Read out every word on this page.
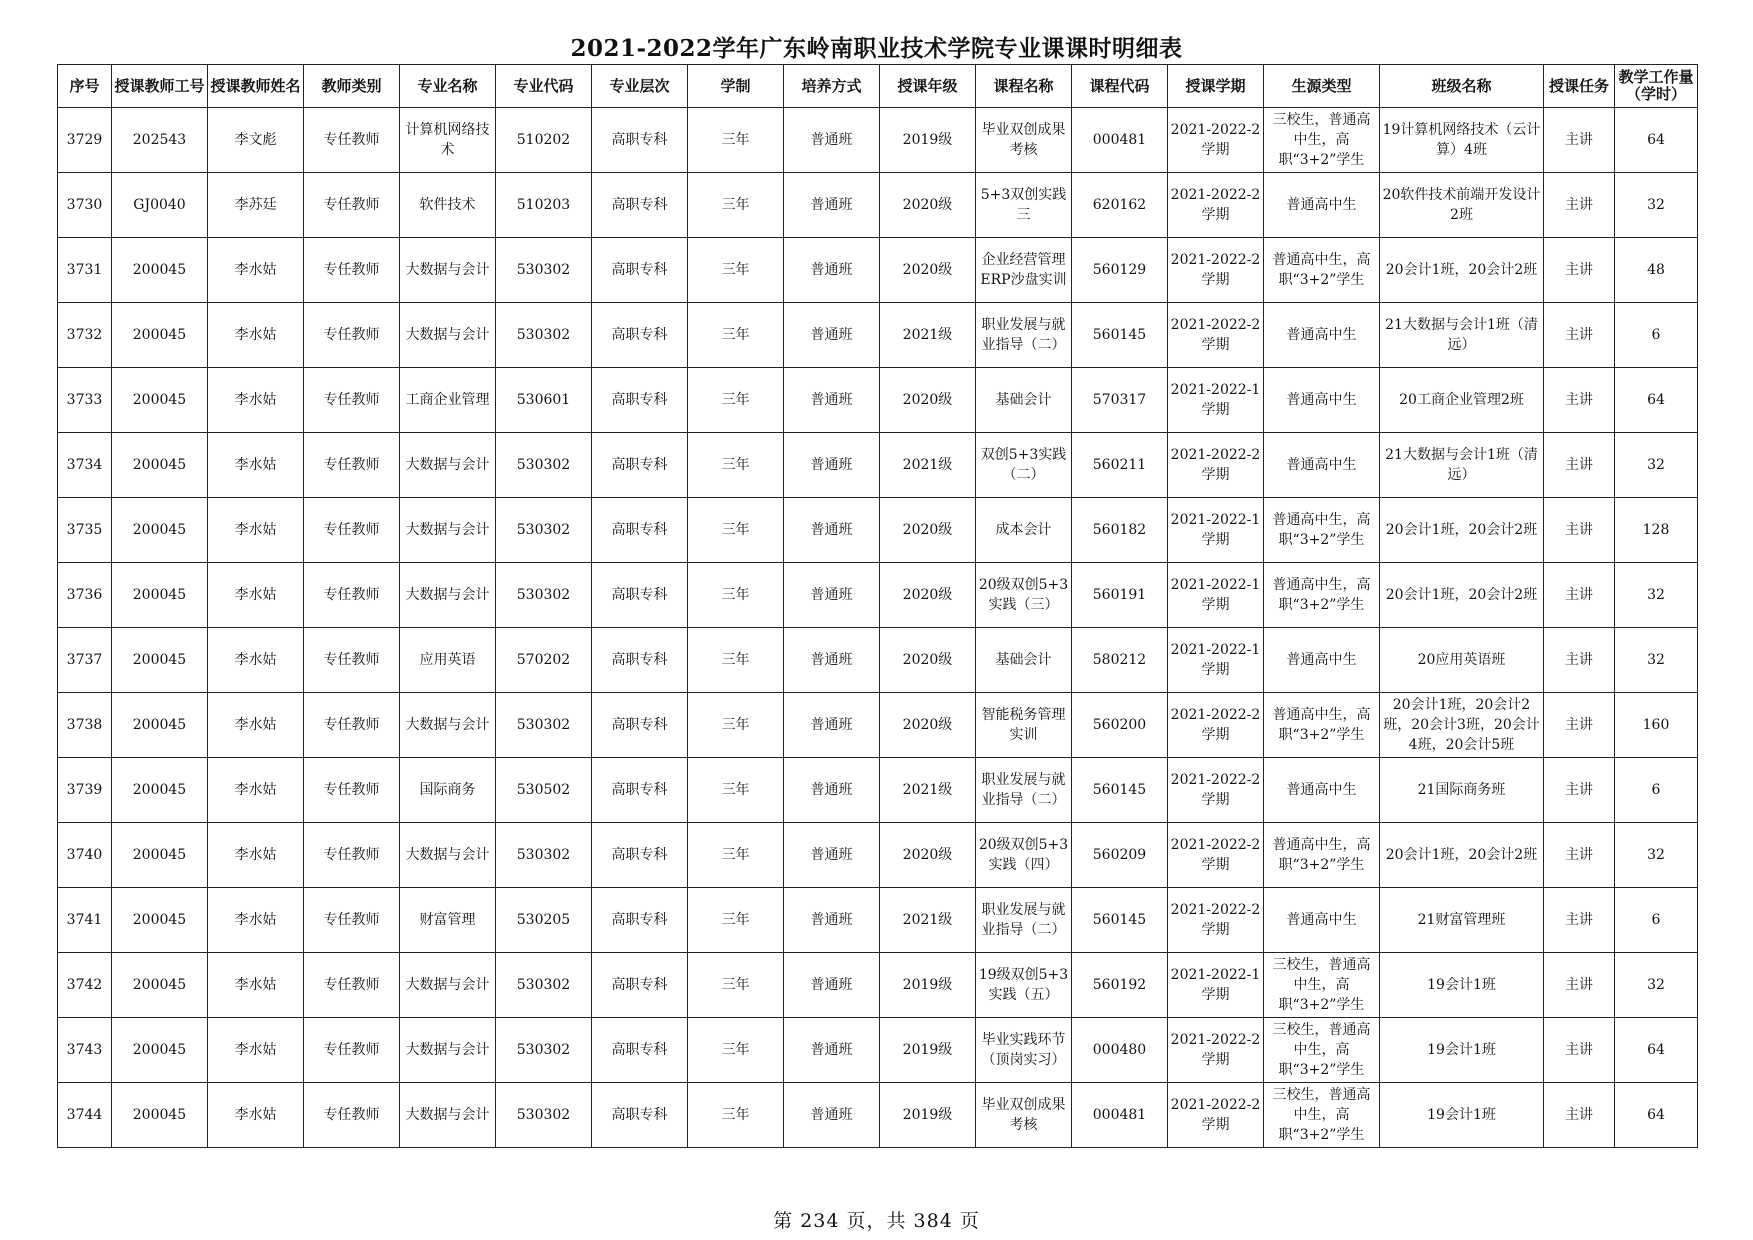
2021-2022学年广东岭南职业技术学院专业课课时明细表
序号	授课教师工号	授课教师姓名	教师类别	专业名称	专业代码	专业层次	学制	培养方式	授课年级	课程名称	课程代码	授课学期	生源类型	班级名称	授课任务	教学工作量（学时）
3729	202543	李文彪	专任教师	计算机网络技术	510202	高职专科	三年	普通班	2019级	毕业双创成果考核	000481	2021-2022-2学期	三校生，普通高中生，高职“3+2”学生	19计算机网络技术（云计算）4班	主讲	64
3730	GJ0040	李苏廷	专任教师	软件技术	510203	高职专科	三年	普通班	2020级	5+3双创实践三	620162	2021-2022-2学期	普通高中生	20软件技术前端开发设计2班	主讲	32
3731	200045	李水姑	专任教师	大数据与会计	530302	高职专科	三年	普通班	2020级	企业经营管理ERP沙盘实训	560129	2021-2022-2学期	普通高中生，高职“3+2”学生	20会计1班，20会计2班	主讲	48
3732	200045	李水姑	专任教师	大数据与会计	530302	高职专科	三年	普通班	2021级	职业发展与就业指导（二）	560145	2021-2022-2学期	普通高中生	21大数据与会计1班（清远）	主讲	6
3733	200045	李水姑	专任教师	工商企业管理	530601	高职专科	三年	普通班	2020级	基础会计	570317	2021-2022-1学期	普通高中生	20工商企业管理2班	主讲	64
3734	200045	李水姑	专任教师	大数据与会计	530302	高职专科	三年	普通班	2021级	双创5+3实践（二）	560211	2021-2022-2学期	普通高中生	21大数据与会计1班（清远）	主讲	32
3735	200045	李水姑	专任教师	大数据与会计	530302	高职专科	三年	普通班	2020级	成本会计	560182	2021-2022-1学期	普通高中生，高职“3+2”学生	20会计1班，20会计2班	主讲	128
3736	200045	李水姑	专任教师	大数据与会计	530302	高职专科	三年	普通班	2020级	20级双创5+3实践（三）	560191	2021-2022-1学期	普通高中生，高职“3+2”学生	20会计1班，20会计2班	主讲	32
3737	200045	李水姑	专任教师	应用英语	570202	高职专科	三年	普通班	2020级	基础会计	580212	2021-2022-1学期	普通高中生	20应用英语班	主讲	32
3738	200045	李水姑	专任教师	大数据与会计	530302	高职专科	三年	普通班	2020级	智能税务管理实训	560200	2021-2022-2学期	普通高中生，高职“3+2”学生	20会计1班，20会计2班，20会计3班，20会计4班，20会计5班	主讲	160
3739	200045	李水姑	专任教师	国际商务	530502	高职专科	三年	普通班	2021级	职业发展与就业指导（二）	560145	2021-2022-2学期	普通高中生	21国际商务班	主讲	6
3740	200045	李水姑	专任教师	大数据与会计	530302	高职专科	三年	普通班	2020级	20级双创5+3实践（四）	560209	2021-2022-2学期	普通高中生，高职“3+2”学生	20会计1班，20会计2班	主讲	32
3741	200045	李水姑	专任教师	财富管理	530205	高职专科	三年	普通班	2021级	职业发展与就业指导（二）	560145	2021-2022-2学期	普通高中生	21财富管理班	主讲	6
3742	200045	李水姑	专任教师	大数据与会计	530302	高职专科	三年	普通班	2019级	19级双创5+3实践（五）	560192	2021-2022-1学期	三校生，普通高中生，高职“3+2”学生	19会计1班	主讲	32
3743	200045	李水姑	专任教师	大数据与会计	530302	高职专科	三年	普通班	2019级	毕业实践环节（顶岗实习）	000480	2021-2022-2学期	三校生，普通高中生，高职“3+2”学生	19会计1班	主讲	64
3744	200045	李水姑	专任教师	大数据与会计	530302	高职专科	三年	普通班	2019级	毕业双创成果考核	000481	2021-2022-2学期	三校生，普通高中生，高职“3+2”学生	19会计1班	主讲	64
第 234 页，共 384 页
